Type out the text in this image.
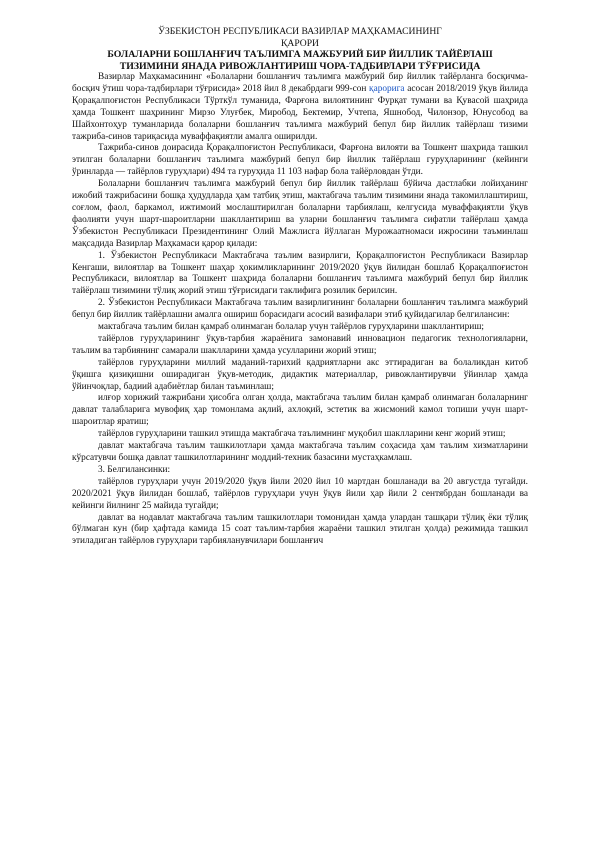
ЎЗБЕКИСТОН РЕСПУБЛИКАСИ ВАЗИРЛАР МАҲКАМАСИНИНГ
ҚАРОРИ
БОЛАЛАРНИ БОШЛАНҒИЧ ТАЪЛИМГА МАЖБУРИЙ БИР ЙИЛЛИК ТАЙЁРЛАШ
ТИЗИМИНИ ЯНАДА РИВОЖЛАНТИРИШ ЧОРА-ТАДБИРЛАРИ ТЎҒРИСИДА

Вазирлар Маҳкамасининг «Болаларни бошланғич таълимга мажбурий бир йиллик тайёрланга босқичма-босқич ўтиш чора-тадбирлари тўғрисида» 2018 йил 8 декабрдаги 999-сон қарорига асосан 2018/2019 ўқув йилида Қорақалпоғистон Республикаси Тўрткўл туманида, Фарғона вилоятининг Фурқат тумани ва Қувасой шаҳрида ҳамда Тошкент шаҳрининг Мирзо Улуғбек, Миробод, Бектемир, Учтепа, Яшнобод, Чилонзор, Юнусобод ва Шайхонтоҳур туманларида болаларни бошланғич таълимга мажбурий бепул бир йиллик тайёрлаш тизими тажриба-синов тариқасида муваффақиятли амалга оширилди.

Тажриба-синов доирасида Қорақалпоғистон Республикаси, Фарғона вилояти ва Тошкент шаҳрида ташкил этилган болаларни бошланғич таълимга мажбурий бепул бир йиллик тайёрлаш гуруҳларининг (кейинги ўринларда — тайёрлов гуруҳлари) 494 та гуруҳида 11 103 нафар бола тайёрловдан ўтди.

Болаларни бошланғич таълимга мажбурий бепул бир йиллик тайёрлаш бўйича дастлабки лойиҳанинг ижобий тажрибасини бошқа ҳудудларда ҳам татбиқ этиш, мактабгача таълим тизимини янада такомиллаштириш, соғлом, фаол, баркамол, ижтимоий мослаштирилган болаларни тарбиялаш, келгусида муваффақиятли ўқув фаолияти учун шарт-шароитларни шакллантириш ва уларни бошланғич таълимга сифатли тайёрлаш ҳамда Ўзбекистон Республикаси Президентининг Олий Мажлисга йўллаган Мурожаатномаси ижросини таъминлаш мақсадида Вазирлар Маҳкамаси қарор қилади:

1. Ўзбекистон Республикаси Мактабгача таълим вазирлиги, Қорақалпоғистон Республикаси Вазирлар Кенгаши, вилоятлар ва Тошкент шаҳар ҳокимликларининг 2019/2020 ўқув йилидан бошлаб Қорақалпоғистон Республикаси, вилоятлар ва Тошкент шаҳрида болаларни бошланғич таълимга мажбурий бепул бир йиллик тайёрлаш тизимини тўлиқ жорий этиш тўғрисидаги таклифига розилик берилсин.

2. Ўзбекистон Республикаси Мактабгача таълим вазирлигининг болаларни бошланғич таълимга мажбурий бепул бир йиллик тайёрлашни амалга ошириш борасидаги асосий вазифалари этиб қуйидагилар белгилансин:

мактабгача таълим билан қамраб олинмаган болалар учун тайёрлов гуруҳларини шакллантириш;

тайёрлов гуруҳларининг ўқув-тарбия жараёнига замонавий инновацион педагогик технологияларни, таълим ва тарбиянинг самарали шаклларини ҳамда усулларини жорий этиш;

тайёрлов гуруҳларини миллий маданий-тарихий қадриятларни акс эттирадиган ва болаликдан китоб ўқишга қизиқишни оширадиган ўқув-методик, дидактик материаллар, ривожлантирувчи ўйинлар ҳамда ўйинчоқлар, бадиий адабиётлар билан таъминлаш;

илғор хорижий тажрибани ҳисобга олган ҳолда, мактабгача таълим билан қамраб олинмаган болаларнинг давлат талабларига мувофиқ ҳар томонлама ақлий, ахлоқий, эстетик ва жисмоний камол топиши учун шарт-шароитлар яратиш;

тайёрлов гуруҳларини ташкил этишда мактабгача таълимнинг муқобил шаклларини кенг жорий этиш;

давлат мактабгача таълим ташкилотлари ҳамда мактабгача таълим соҳасида ҳам таълим хизматларини кўрсатувчи бошқа давлат ташкилотларининг моддий-техник базасини мустаҳкамлаш.

3. Белгилансинки:

тайёрлов гуруҳлари учун 2019/2020 ўқув йили 2020 йил 10 мартдан бошланади ва 20 августда тугайди. 2020/2021 ўқув йилидан бошлаб, тайёрлов гуруҳлари учун ўқув йили ҳар йили 2 сентябрдан бошланади ва кейинги йилнинг 25 майида тугайди;

давлат ва нодавлат мактабгача таълим ташкилотлари томонидан ҳамда улардан ташқари тўлиқ ёки тўлиқ бўлмаган кун (бир ҳафтада камида 15 соат таълим-тарбия жараёни ташкил этилган ҳолда) режимида ташкил этиладиган тайёрлов гуруҳлари тарбияланувчилари бошланғич
